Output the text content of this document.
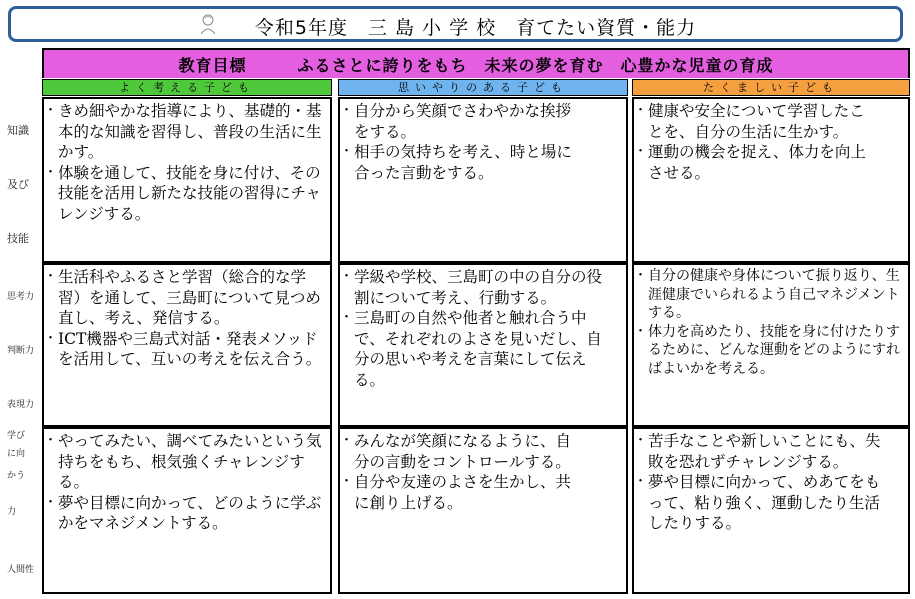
令和5年度　三 島 小 学 校　育てたい資質・能力
教育目標　　　ふるさとに誇りをもち　未来の夢を育む　心豊かな児童の育成
よく考える子ども	思いやりのある子ども	たくましい子ども
知識
及び
技能
思考力
判断力
表現力
学び
に向
かう
力
人間性
・ きめ細やかな指導により、基礎的・基本的な知識を習得し、普段の生活に生かす。
・ 体験を通して、技能を身に付け、その技能を活用し新たな技能の習得にチャレンジする。
・ 自分から笑顔でさわやかな挨拶をする。
・ 相手の気持ちを考え、時と場に合った言動をする。
・ 健康や安全について学習したことを、自分の生活に生かす。
・ 運動の機会を捉え、体力を向上させる。
・ 生活科やふるさと学習（総合的な学習）を通して、三島町について見つめ直し、考え、発信する。
・ ICT機器や三島式対話・発表メソッドを活用して、互いの考えを伝え合う。
・ 学級や学校、三島町の中の自分の役割について考え、行動する。
・ 三島町の自然や他者と触れ合う中で、それぞれのよさを見いだし、自分の思いや考えを言葉にして伝える。
・ 自分の健康や身体について振り返り、生涯健康でいられるよう自己マネジメントする。
・ 体力を高めたり、技能を身に付けたりするために、どんな運動をどのようにすればよいかを考える。
・ やってみたい、調べてみたいという気持ちをもち、根気強くチャレンジする。
・ 夢や目標に向かって、どのように学ぶかをマネジメントする。
・ みんなが笑顔になるように、自分の言動をコントロールする。
・ 自分や友達のよさを生かし、共に創り上げる。
・ 苦手なことや新しいことにも、失敗を恐れずチャレンジする。
・ 夢や目標に向かって、めあてをもって、粘り強く、運動したり生活したりする。
